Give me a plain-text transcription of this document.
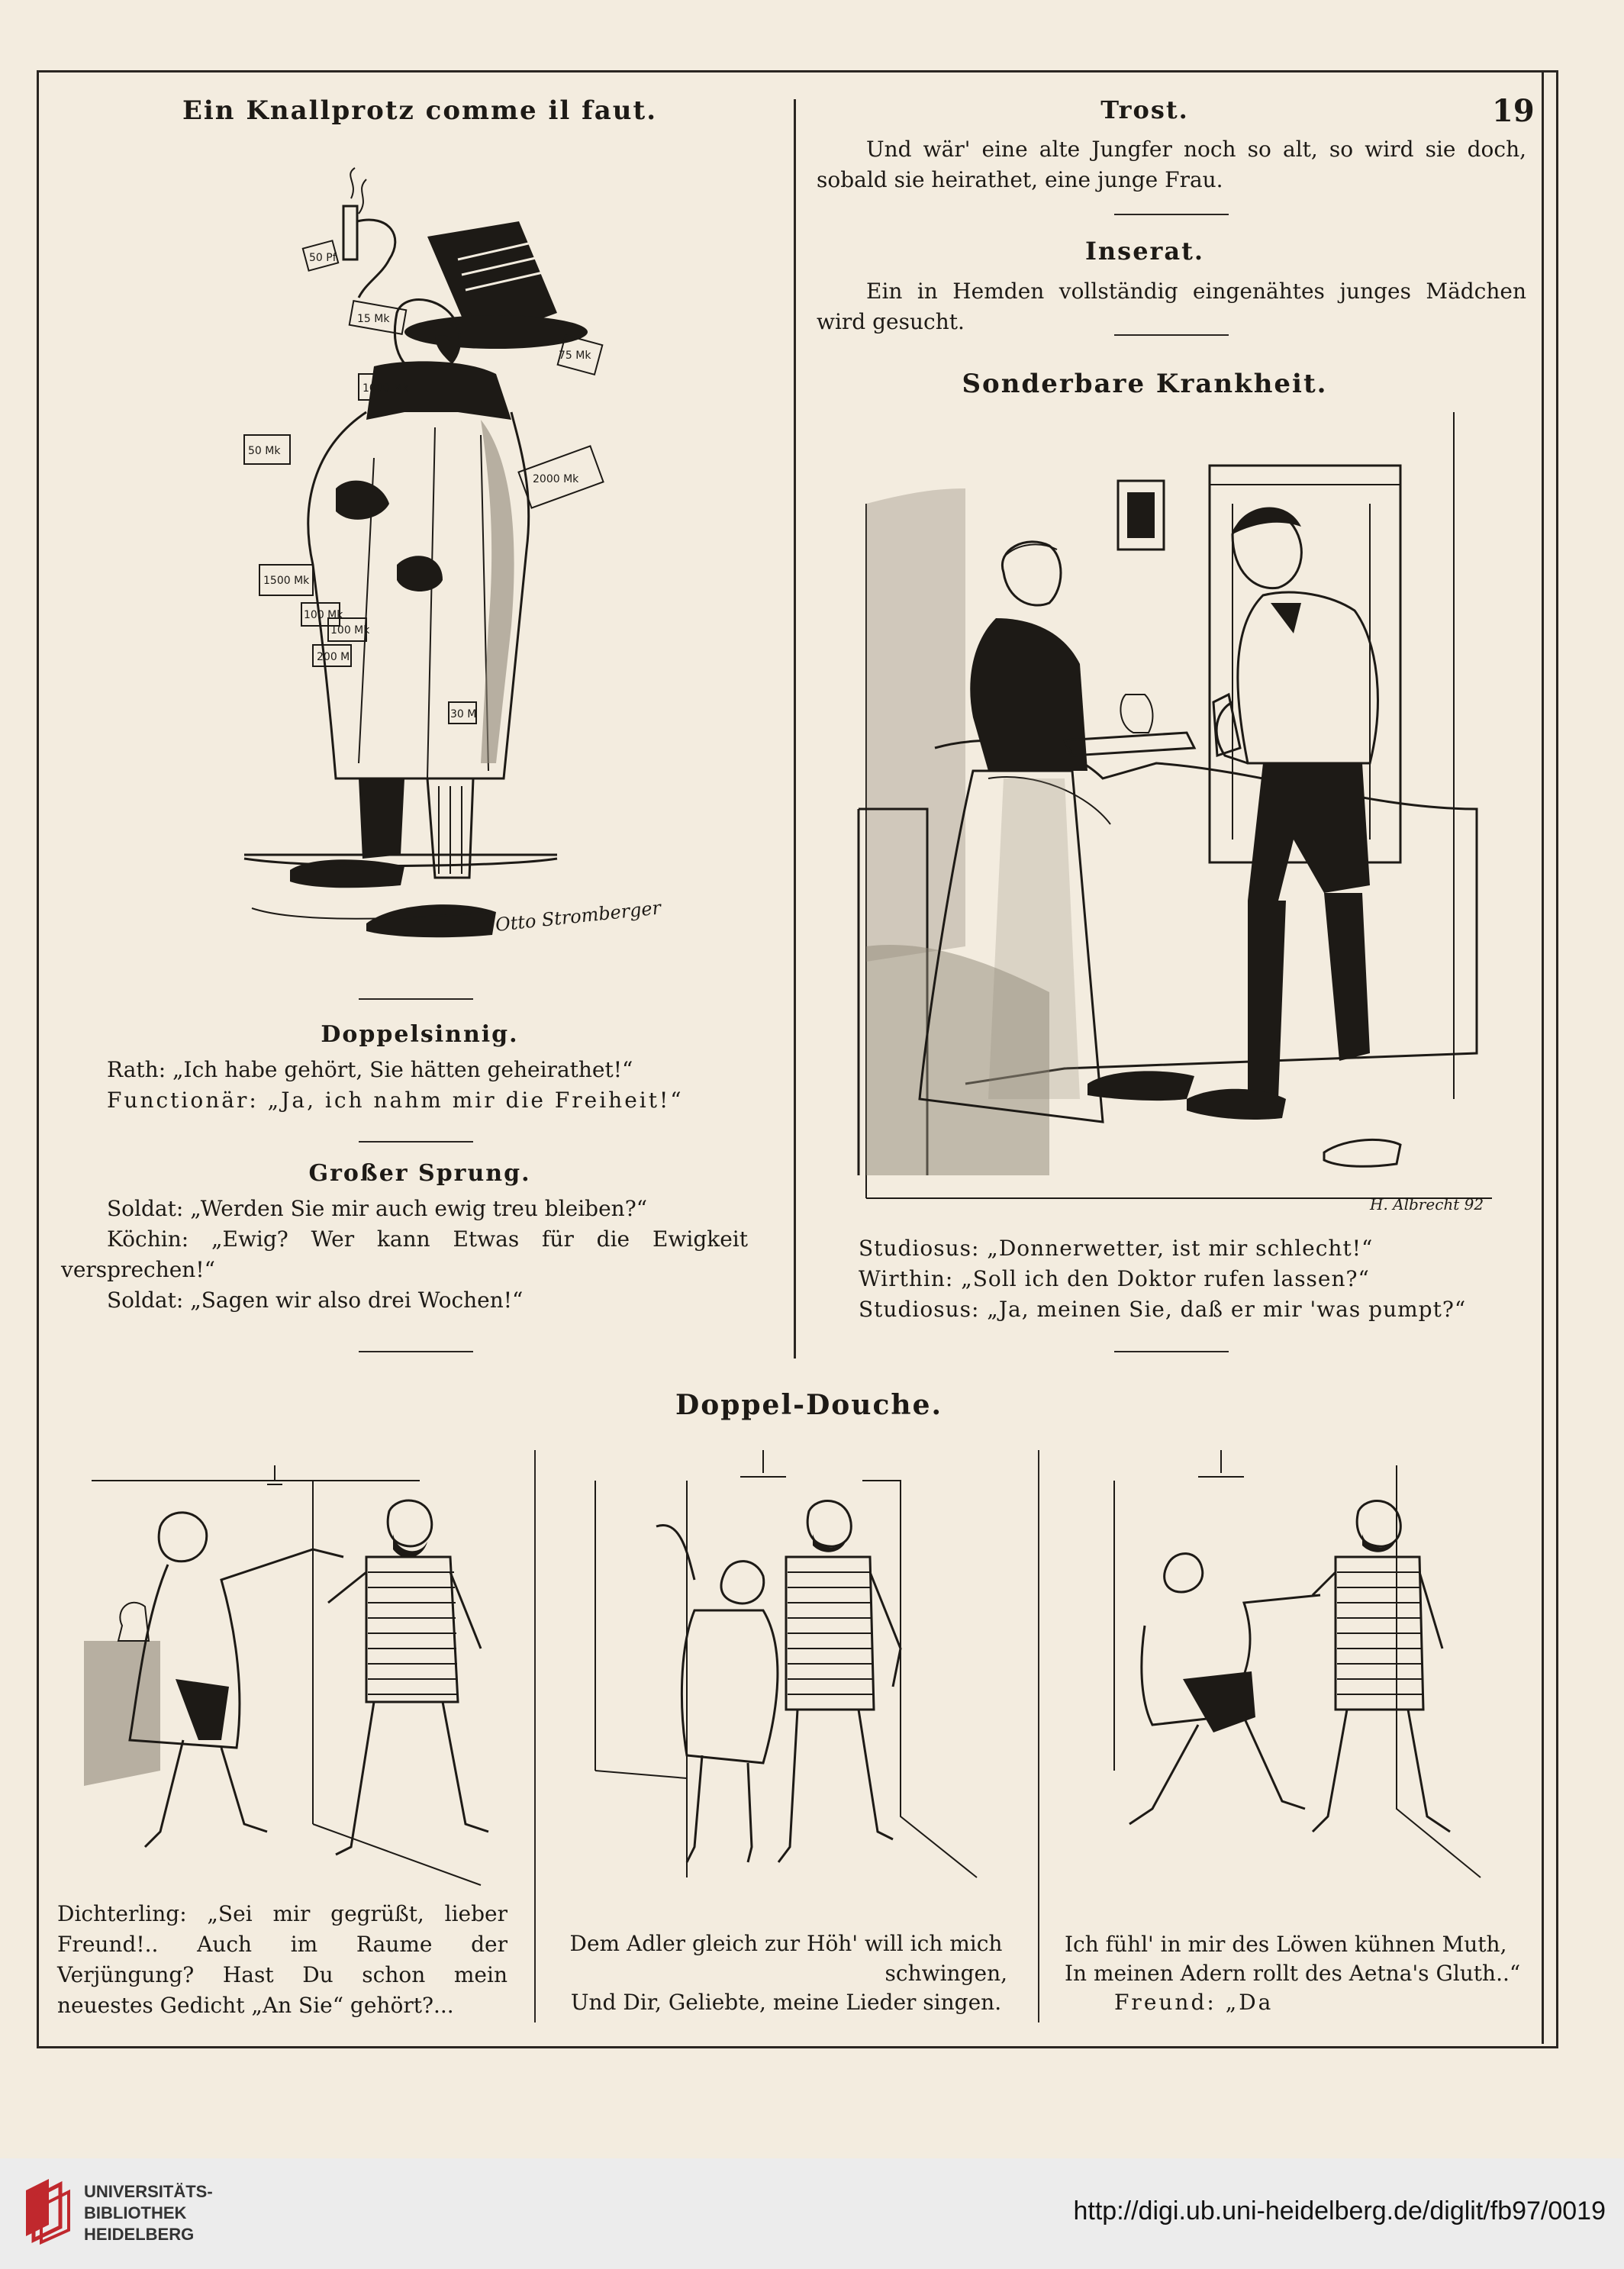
19
Ein Knallprotz comme il faut.
50 Pf
15 Mk
1000 Mk
50 Mk
75 Mk
2000 Mk
1500 Mk
100 Mk
100 Mk
200 M
30 M
Otto Stromberger
Doppelsinnig.
Rath: „Ich habe gehört, Sie hätten geheirathet!“
Functionär: „Ja, ich nahm mir die Freiheit!“
Großer Sprung.
Soldat: „Werden Sie mir auch ewig treu bleiben?“
Köchin: „Ewig? Wer kann Etwas für die Ewigkeit versprechen!“
Soldat: „Sagen wir also drei Wochen!“
Trost.
Und wär' eine alte Jungfer noch so alt, so wird sie doch, sobald sie heirathet, eine junge Frau.
Inserat.
Ein in Hemden vollständig eingenähtes junges Mädchen wird gesucht.
Sonderbare Krankheit.
H. Albrecht 92
Studiosus: „Donnerwetter, ist mir schlecht!“
Wirthin: „Soll ich den Doktor rufen lassen?“
Studiosus: „Ja, meinen Sie, daß er mir 'was pumpt?“
Doppel-Douche.
Dichterling: „Sei mir gegrüßt, lieber Freund!.. Auch im Raume der Verjüngung? Hast Du schon mein neuestes Gedicht „An Sie“ gehört?...
Dem Adler gleich zur Höh' will ich mich
schwingen,
Und Dir, Geliebte, meine Lieder singen.
Ich fühl' in mir des Löwen kühnen Muth,
In meinen Adern rollt des Aetna's Gluth..“
Freund: „Da
UNIVERSITÄTS-
BIBLIOTHEK
HEIDELBERG
http://digi.ub.uni-heidelberg.de/diglit/fb97/0019
